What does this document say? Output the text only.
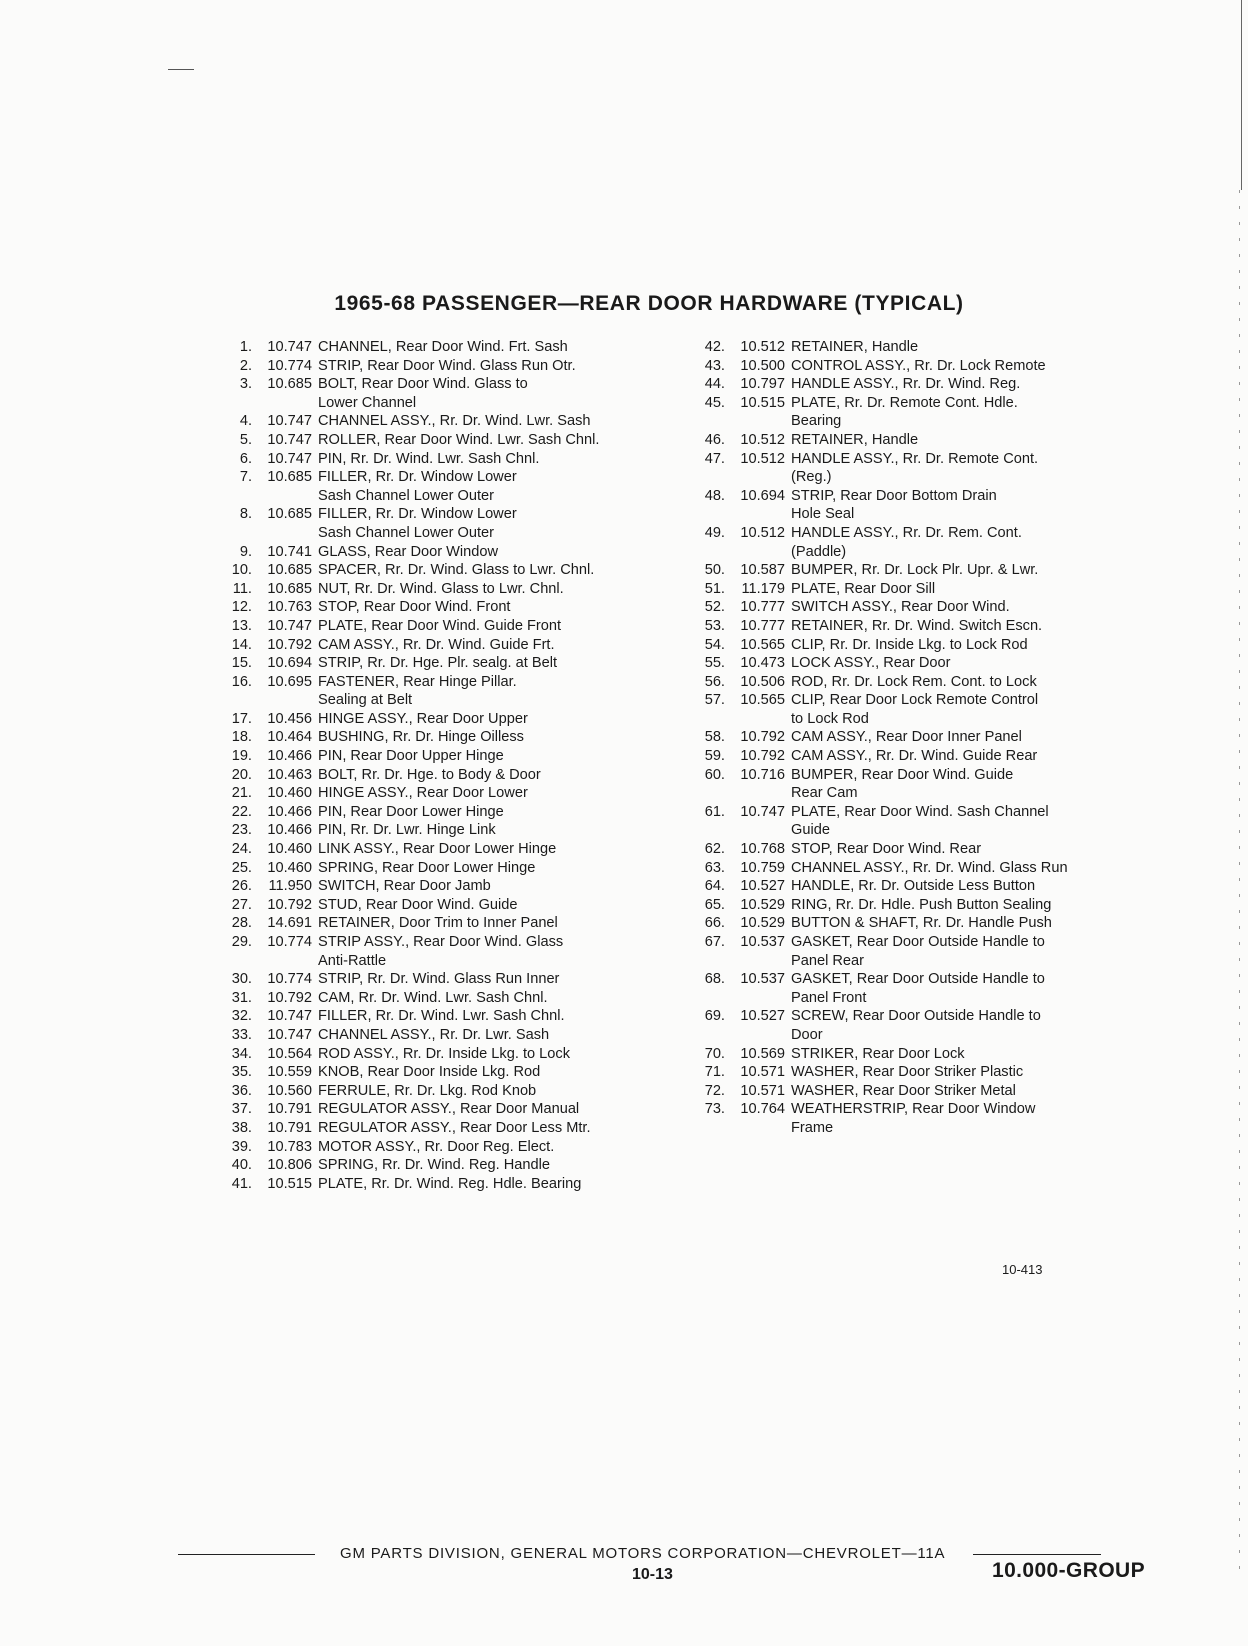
1965-68 PASSENGER—REAR DOOR HARDWARE (TYPICAL)
1.	10.747 CHANNEL, Rear Door Wind. Frt. Sash
2.	10.774 STRIP, Rear Door Wind. Glass Run Otr.
3.	10.685 BOLT, Rear Door Wind. Glass to
Lower Channel
4.	10.747 CHANNEL ASSY., Rr. Dr. Wind. Lwr. Sash
5.	10.747 ROLLER, Rear Door Wind. Lwr. Sash Chnl.
6.	10.747 PIN, Rr. Dr. Wind. Lwr. Sash Chnl.
7.	10.685 FILLER, Rr. Dr. Window Lower
Sash Channel Lower Outer
8.	10.685 FILLER, Rr. Dr. Window Lower
Sash Channel Lower Outer
9.	10.741 GLASS, Rear Door Window
10.	10.685 SPACER, Rr. Dr. Wind. Glass to Lwr. Chnl.
11.	10.685 NUT, Rr. Dr. Wind. Glass to Lwr. Chnl.
12.	10.763 STOP, Rear Door Wind. Front
13.	10.747 PLATE, Rear Door Wind. Guide Front
14.	10.792 CAM ASSY., Rr. Dr. Wind. Guide Frt.
15.	10.694 STRIP, Rr. Dr. Hge. Plr. sealg. at Belt
16.	10.695 FASTENER, Rear Hinge Pillar.
Sealing at Belt
17.	10.456 HINGE ASSY., Rear Door Upper
18.	10.464 BUSHING, Rr. Dr. Hinge Oilless
19.	10.466 PIN, Rear Door Upper Hinge
20.	10.463 BOLT, Rr. Dr. Hge. to Body & Door
21.	10.460 HINGE ASSY., Rear Door Lower
22.	10.466 PIN, Rear Door Lower Hinge
23.	10.466 PIN, Rr. Dr. Lwr. Hinge Link
24.	10.460 LINK ASSY., Rear Door Lower Hinge
25.	10.460 SPRING, Rear Door Lower Hinge
26.	11.950 SWITCH, Rear Door Jamb
27.	10.792 STUD, Rear Door Wind. Guide
28.	14.691 RETAINER, Door Trim to Inner Panel
29.	10.774 STRIP ASSY., Rear Door Wind. Glass
Anti-Rattle
30.	10.774 STRIP, Rr. Dr. Wind. Glass Run Inner
31.	10.792 CAM, Rr. Dr. Wind. Lwr. Sash Chnl.
32.	10.747 FILLER, Rr. Dr. Wind. Lwr. Sash Chnl.
33.	10.747 CHANNEL ASSY., Rr. Dr. Lwr. Sash
34.	10.564 ROD ASSY., Rr. Dr. Inside Lkg. to Lock
35.	10.559 KNOB, Rear Door Inside Lkg. Rod
36.	10.560 FERRULE, Rr. Dr. Lkg. Rod Knob
37.	10.791 REGULATOR ASSY., Rear Door Manual
38.	10.791 REGULATOR ASSY., Rear Door Less Mtr.
39.	10.783 MOTOR ASSY., Rr. Door Reg. Elect.
40.	10.806 SPRING, Rr. Dr. Wind. Reg. Handle
41.	10.515 PLATE, Rr. Dr. Wind. Reg. Hdle. Bearing
42.	10.512 RETAINER, Handle
43.	10.500 CONTROL ASSY., Rr. Dr. Lock Remote
44.	10.797 HANDLE ASSY., Rr. Dr. Wind. Reg.
45.	10.515 PLATE, Rr. Dr. Remote Cont. Hdle.
Bearing
46.	10.512 RETAINER, Handle
47.	10.512 HANDLE ASSY., Rr. Dr. Remote Cont.
(Reg.)
48.	10.694 STRIP, Rear Door Bottom Drain
Hole Seal
49.	10.512 HANDLE ASSY., Rr. Dr. Rem. Cont.
(Paddle)
50.	10.587 BUMPER, Rr. Dr. Lock Plr. Upr. & Lwr.
51.	11.179 PLATE, Rear Door Sill
52.	10.777 SWITCH ASSY., Rear Door Wind.
53.	10.777 RETAINER, Rr. Dr. Wind. Switch Escn.
54.	10.565 CLIP, Rr. Dr. Inside Lkg. to Lock Rod
55.	10.473 LOCK ASSY., Rear Door
56.	10.506 ROD, Rr. Dr. Lock Rem. Cont. to Lock
57.	10.565 CLIP, Rear Door Lock Remote Control
to Lock Rod
58.	10.792 CAM ASSY., Rear Door Inner Panel
59.	10.792 CAM ASSY., Rr. Dr. Wind. Guide Rear
60.	10.716 BUMPER, Rear Door Wind. Guide
Rear Cam
61.	10.747 PLATE, Rear Door Wind. Sash Channel
Guide
62.	10.768 STOP, Rear Door Wind. Rear
63.	10.759 CHANNEL ASSY., Rr. Dr. Wind. Glass Run
64.	10.527 HANDLE, Rr. Dr. Outside Less Button
65.	10.529 RING, Rr. Dr. Hdle. Push Button Sealing
66.	10.529 BUTTON & SHAFT, Rr. Dr. Handle Push
67.	10.537 GASKET, Rear Door Outside Handle to
Panel Rear
68.	10.537 GASKET, Rear Door Outside Handle to
Panel Front
69.	10.527 SCREW, Rear Door Outside Handle to
Door
70.	10.569 STRIKER, Rear Door Lock
71.	10.571 WASHER, Rear Door Striker Plastic
72.	10.571 WASHER, Rear Door Striker Metal
73.	10.764 WEATHERSTRIP, Rear Door Window
Frame
10-413
GM PARTS DIVISION, GENERAL MOTORS CORPORATION—CHEVROLET—11A
10-13	10.000-GROUP
